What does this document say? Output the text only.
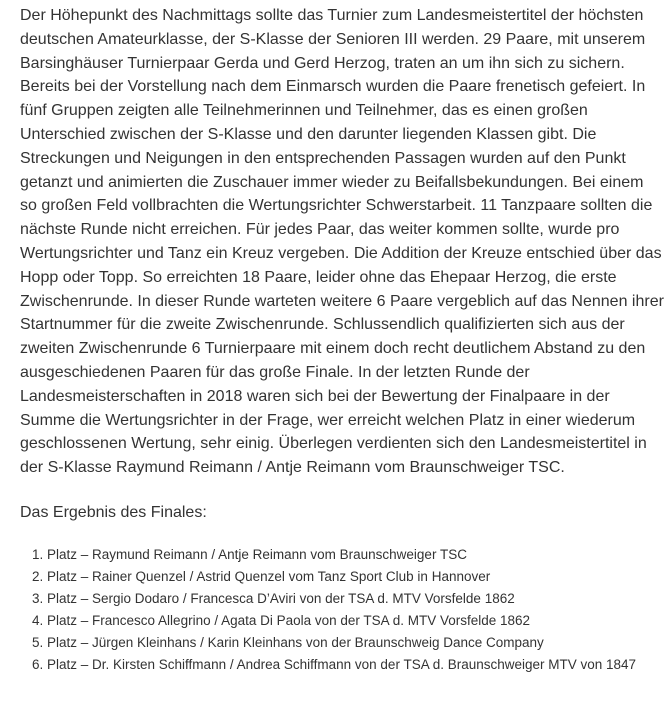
Der Höhepunkt des Nachmittags sollte das Turnier zum Landesmeistertitel der höchsten deutschen Amateurklasse, der S-Klasse der Senioren III werden. 29 Paare, mit unserem Barsinghäuser Turnierpaar Gerda und Gerd Herzog, traten an um ihn sich zu sichern. Bereits bei der Vorstellung nach dem Einmarsch wurden die Paare frenetisch gefeiert. In fünf Gruppen zeigten alle Teilnehmerinnen und Teilnehmer, das es einen großen Unterschied zwischen der S-Klasse und den darunter liegenden Klassen gibt. Die Streckungen und Neigungen in den entsprechenden Passagen wurden auf den Punkt getanzt und animierten die Zuschauer immer wieder zu Beifallsbekundungen. Bei einem so großen Feld vollbrachten die Wertungsrichter Schwerstarbeit. 11 Tanzpaare sollten die nächste Runde nicht erreichen. Für jedes Paar, das weiter kommen sollte, wurde pro Wertungsrichter und Tanz ein Kreuz vergeben. Die Addition der Kreuze entschied über das Hopp oder Topp. So erreichten 18 Paare, leider ohne das Ehepaar Herzog, die erste Zwischenrunde. In dieser Runde warteten weitere 6 Paare vergeblich auf das Nennen ihrer Startnummer für die zweite Zwischenrunde. Schlussendlich qualifizierten sich aus der zweiten Zwischenrunde 6 Turnierpaare mit einem doch recht deutlichem Abstand zu den ausgeschiedenen Paaren für das große Finale. In der letzten Runde der Landesmeisterschaften in 2018 waren sich bei der Bewertung der Finalpaare in der Summe die Wertungsrichter in der Frage, wer erreicht welchen Platz in einer wiederum geschlossenen Wertung, sehr einig. Überlegen verdienten sich den Landesmeistertitel in der S-Klasse Raymund Reimann / Antje Reimann vom Braunschweiger TSC.

Das Ergebnis des Finales:

1. Platz – Raymund Reimann / Antje Reimann vom Braunschweiger TSC
2. Platz – Rainer Quenzel / Astrid Quenzel vom Tanz Sport Club in Hannover
3. Platz – Sergio Dodaro / Francesca D’Aviri von der TSA d. MTV Vorsfelde 1862
4. Platz – Francesco Allegrino / Agata Di Paola von der TSA d. MTV Vorsfelde 1862
5. Platz – Jürgen Kleinhans / Karin Kleinhans von der Braunschweig Dance Company
6. Platz – Dr. Kirsten Schiffmann / Andrea Schiffmann von der TSA d. Braunschweiger MTV von 1847
